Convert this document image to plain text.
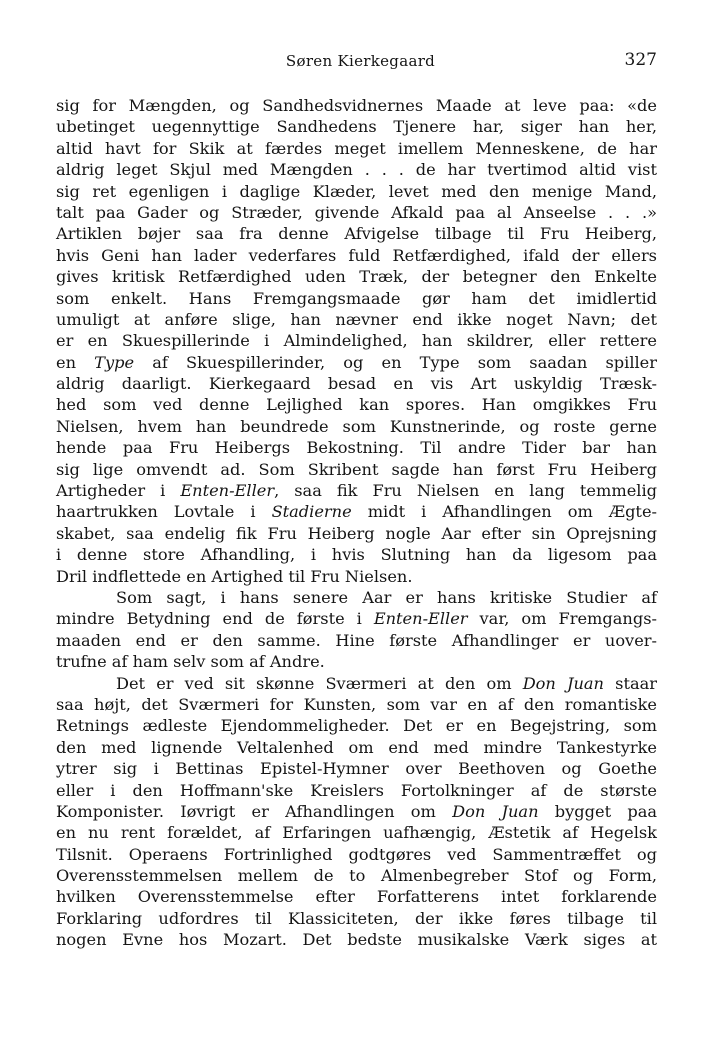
Søren Kierkegaard	327
sig for Mængden, og Sandhedsvidnernes Maade at leve paa: «de
ubetinget uegennyttige Sandhedens Tjenere har, siger han her,
altid havt for Skik at færdes meget imellem Menneskene, de har
aldrig leget Skjul med Mængden . . . de har tvertimod altid vist
sig ret egenligen i daglige Klæder, levet med den menige Mand,
talt paa Gader og Stræder, givende Afkald paa al Anseelse . . .»
Artiklen bøjer saa fra denne Afvigelse tilbage til Fru Heiberg,
hvis Geni han lader vederfares fuld Retfærdighed, ifald der ellers
gives kritisk Retfærdighed uden Træk, der betegner den Enkelte
som enkelt. Hans Fremgangsmaade gør ham det imidlertid
umuligt at anføre slige, han nævner end ikke noget Navn; det
er en Skuespillerinde i Almindelighed, han skildrer, eller rettere
en Type af Skuespillerinder, og en Type som saadan spiller
aldrig daarligt. Kierkegaard besad en vis Art uskyldig Træsk-
hed som ved denne Lejlighed kan spores. Han omgikkes Fru
Nielsen, hvem han beundrede som Kunstnerinde, og roste gerne
hende paa Fru Heibergs Bekostning. Til andre Tider bar han
sig lige omvendt ad. Som Skribent sagde han først Fru Heiberg
Artigheder i Enten-Eller, saa fik Fru Nielsen en lang temmelig
haartrukken Lovtale i Stadierne midt i Afhandlingen om Ægte-
skabet, saa endelig fik Fru Heiberg nogle Aar efter sin Oprejsning
i denne store Afhandling, i hvis Slutning han da ligesom paa
Dril indflettede en Artighed til Fru Nielsen.
Som sagt, i hans senere Aar er hans kritiske Studier af
mindre Betydning end de første i Enten-Eller var, om Fremgangs-
maaden end er den samme. Hine første Afhandlinger er uover-
trufne af ham selv som af Andre.
Det er ved sit skønne Sværmeri at den om Don Juan staar
saa højt, det Sværmeri for Kunsten, som var en af den romantiske
Retnings ædleste Ejendommeligheder. Det er en Begejstring, som
den med lignende Veltalenhed om end med mindre Tankestyrke
ytrer sig i Bettinas Epistel-Hymner over Beethoven og Goethe
eller i den Hoffmann'ske Kreislers Fortolkninger af de største
Komponister. Iøvrigt er Afhandlingen om Don Juan bygget paa
en nu rent forældet, af Erfaringen uafhængig, Æstetik af Hegelsk
Tilsnit. Operaens Fortrinlighed godtgøres ved Sammentræffet og
Overensstemmelsen mellem de to Almenbegreber Stof og Form,
hvilken Overensstemmelse efter Forfatterens intet forklarende
Forklaring udfordres til Klassiciteten, der ikke føres tilbage til
nogen Evne hos Mozart. Det bedste musikalske Værk siges at
